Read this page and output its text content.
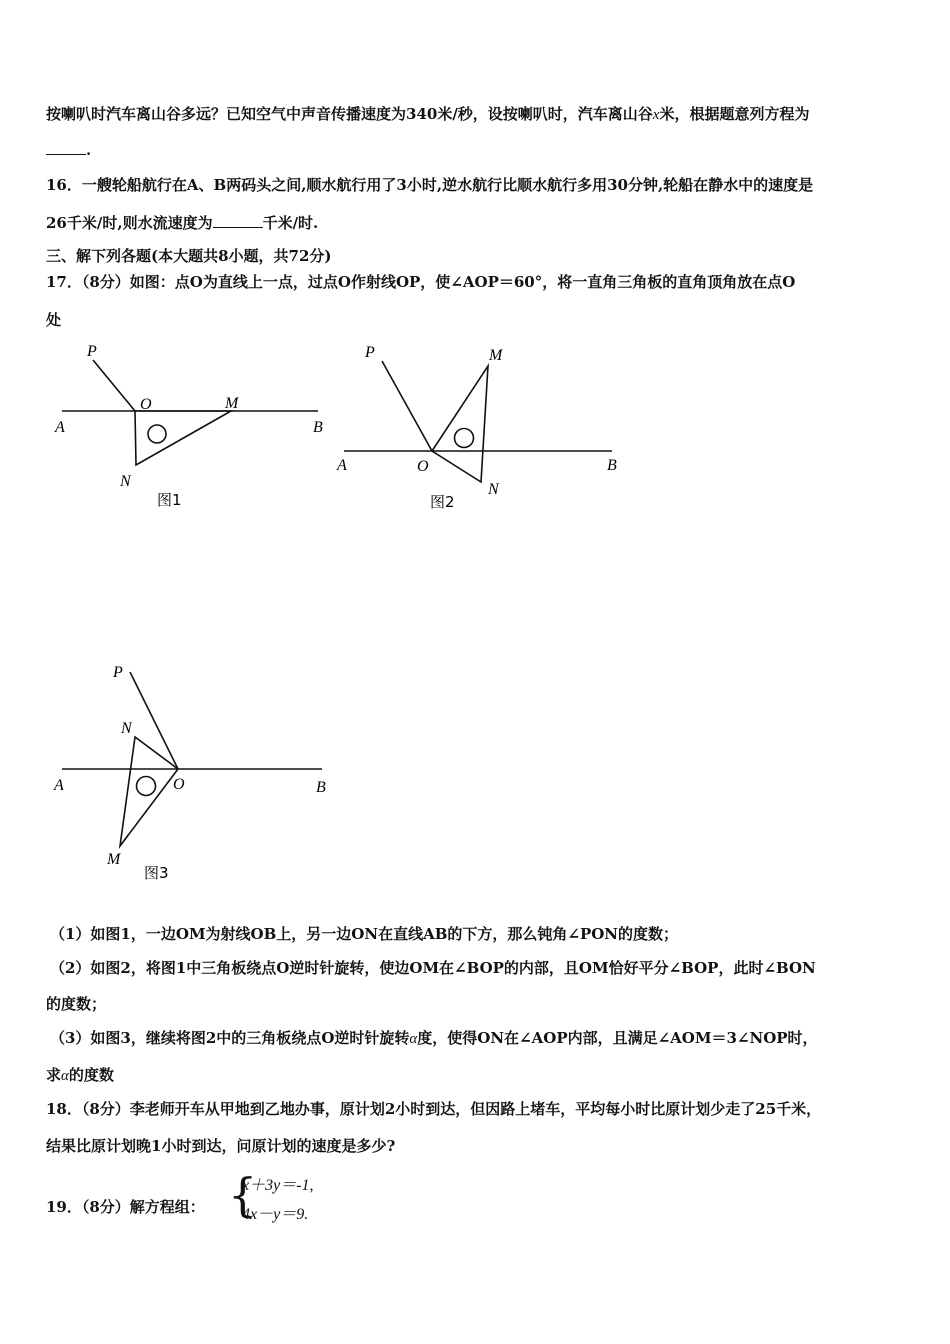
按喇叭时汽车离山谷多远？已知空气中声音传播速度为340米/秒，设按喇叭时，汽车离山谷x米，根据题意列方程为
.
16．一艘轮船航行在A、B两码头之间,顺水航行用了3小时,逆水航行比顺水航行多用30分钟,轮船在静水中的速度是
26千米/时,则水流速度为	千米/时.
三、解下列各题(本大题共8小题，共72分)
17．（8分）如图：点O为直线上一点，过点O作射线OP，使∠AOP＝60°，将一直角三角板的直角顶角放在点O
处
P
O	M
A	B
N
图1
P	M
A	O	B
N
图2
P
N
A	O	B
M
图3
（1）如图1，一边OM为射线OB上，另一边ON在直线AB的下方，那么钝角∠PON的度数；
（2）如图2，将图1中三角板绕点O逆时针旋转，使边OM在∠BOP的内部，且OM恰好平分∠BOP，此时∠BON
的度数；
（3）如图3，继续将图2中的三角板绕点O逆时针旋转α度，使得ON在∠AOP内部，且满足∠AOM＝3∠NOP时，
求α的度数
18．（8分）李老师开车从甲地到乙地办事，原计划2小时到达，但因路上堵车，平均每小时比原计划少走了25千米，
结果比原计划晚1小时到达，问原计划的速度是多少?
19．（8分）解方程组： {
x＋3y＝-1,
4x－y＝9.
